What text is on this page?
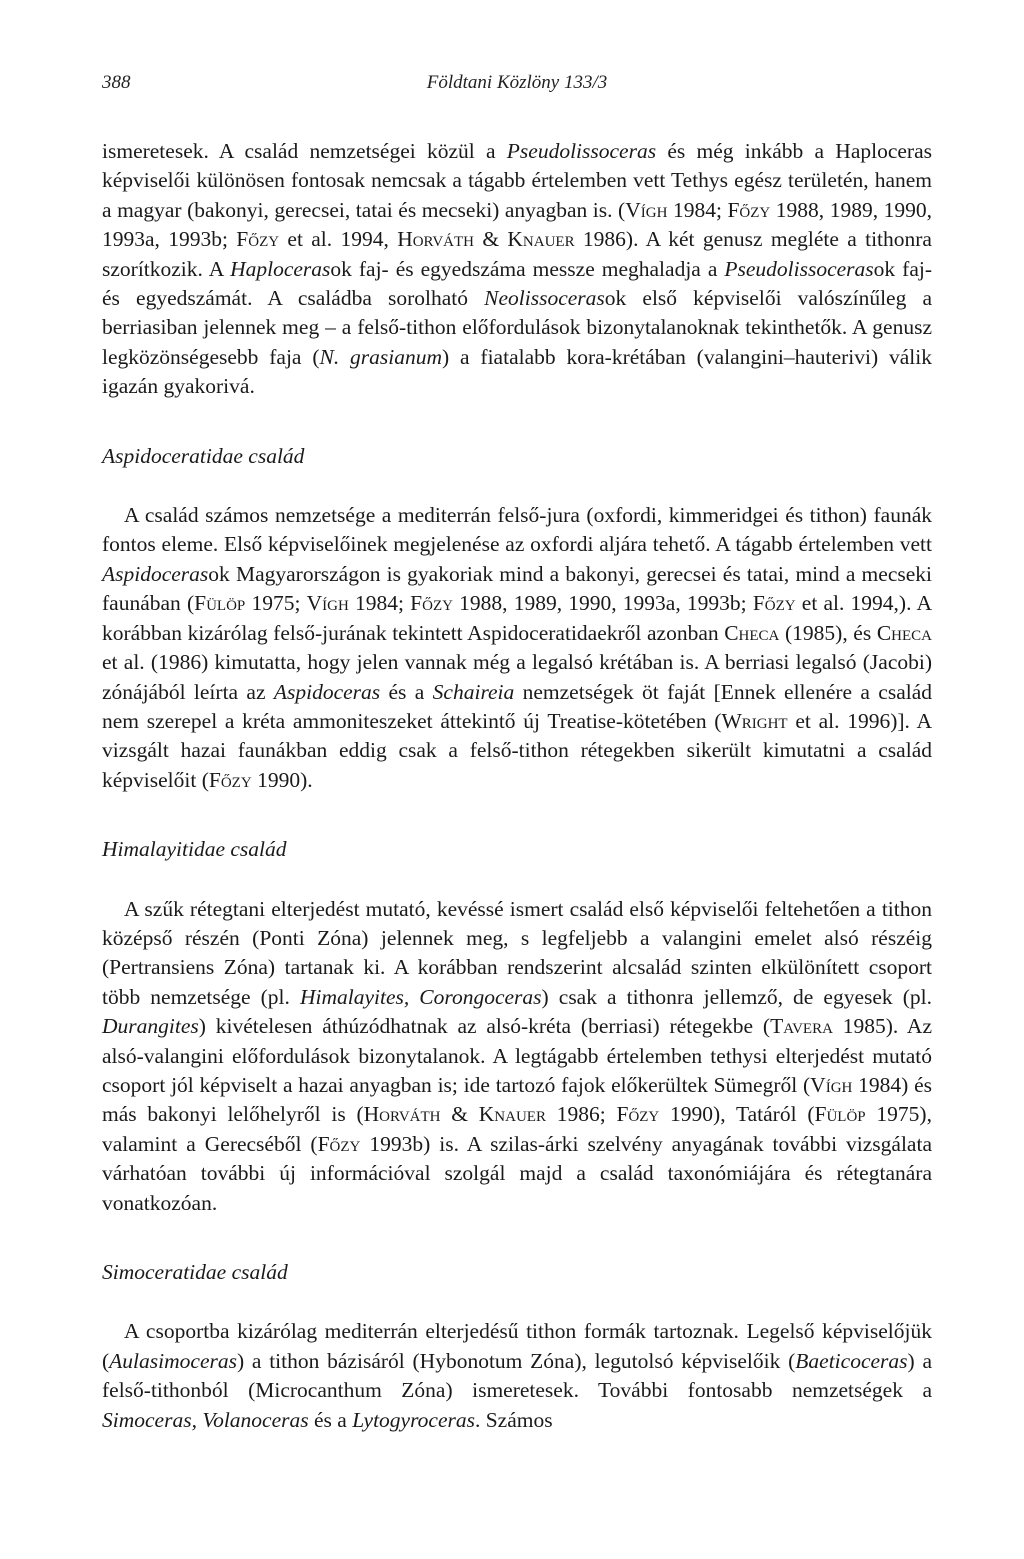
388	Földtani Közlöny 133/3

ismeretesek. A család nemzetségei közül a Pseudolissoceras és még inkább a Haploceras képviselői különösen fontosak nemcsak a tágabb értelemben vett Tethys egész területén, hanem a magyar (bakonyi, gerecsei, tatai és mecseki) anyagban is. (Vígh 1984; Főzy 1988, 1989, 1990, 1993a, 1993b; Főzy et al. 1994, Horváth & Knauer 1986). A két genusz megléte a tithonra szorítkozik. A Haplocerasok faj- és egyedszáma messze meghaladja a Pseudolissocerasok faj- és egyedszámát. A családba sorolható Neolissocerasok első képviselői valószínűleg a berriasiban jelennek meg – a felső-tithon előfordulások bizonytalanoknak tekinthetők. A genusz legközönségesebb faja (N. grasianum) a fiatalabb kora-krétában (valangini–hauterivi) válik igazán gyakorivá.

Aspidoceratidae család

A család számos nemzetsége a mediterrán felső-jura (oxfordi, kimmeridgei és tithon) faunák fontos eleme. Első képviselőinek megjelenése az oxfordi aljára tehető. A tágabb értelemben vett Aspidocerasok Magyarországon is gyakoriak mind a bakonyi, gerecsei és tatai, mind a mecseki faunában (Fülöp 1975; Vígh 1984; Főzy 1988, 1989, 1990, 1993a, 1993b; Főzy et al. 1994,). A korábban kizárólag felső-jurának tekintett Aspidoceratidaekről azonban Checa (1985), és Checa et al. (1986) kimutatta, hogy jelen vannak még a legalsó krétában is. A berriasi legalsó (Jacobi) zónájából leírta az Aspidoceras és a Schaireia nemzetségek öt faját [Ennek ellenére a család nem szerepel a kréta ammoniteszeket áttekintő új Treatise-kötetében (Wright et al. 1996)]. A vizsgált hazai faunákban eddig csak a felső-tithon rétegekben sikerült kimutatni a család képviselőit (Főzy 1990).

Himalayitidae család

A szűk rétegtani elterjedést mutató, kevéssé ismert család első képviselői feltehetően a tithon középső részén (Ponti Zóna) jelennek meg, s legfeljebb a valangini emelet alsó részéig (Pertransiens Zóna) tartanak ki. A korábban rendszerint alcsalád szinten elkülönített csoport több nemzetsége (pl. Himalayites, Corongoceras) csak a tithonra jellemző, de egyesek (pl. Durangites) kivételesen áthúzódhatnak az alsó-kréta (berriasi) rétegekbe (Tavera 1985). Az alsó-valangini előfordulások bizonytalanok. A legtágabb értelemben tethysi elterjedést mutató csoport jól képviselt a hazai anyagban is; ide tartozó fajok előkerültek Sümegről (Vígh 1984) és más bakonyi lelőhelyről is (Horváth & Knauer 1986; Főzy 1990), Tatáról (Fülöp 1975), valamint a Gerecséből (Főzy 1993b) is. A szilas-árki szelvény anyagának további vizsgálata várhatóan további új információval szolgál majd a család taxonómiájára és rétegtanára vonatkozóan.

Simoceratidae család

A csoportba kizárólag mediterrán elterjedésű tithon formák tartoznak. Legelső képviselőjük (Aulasimoceras) a tithon bázisáról (Hybonotum Zóna), legutolsó képviselőik (Baeticoceras) a felső-tithonból (Microcanthum Zóna) ismeretesek. További fontosabb nemzetségek a Simoceras, Volanoceras és a Lytogyroceras. Számos
